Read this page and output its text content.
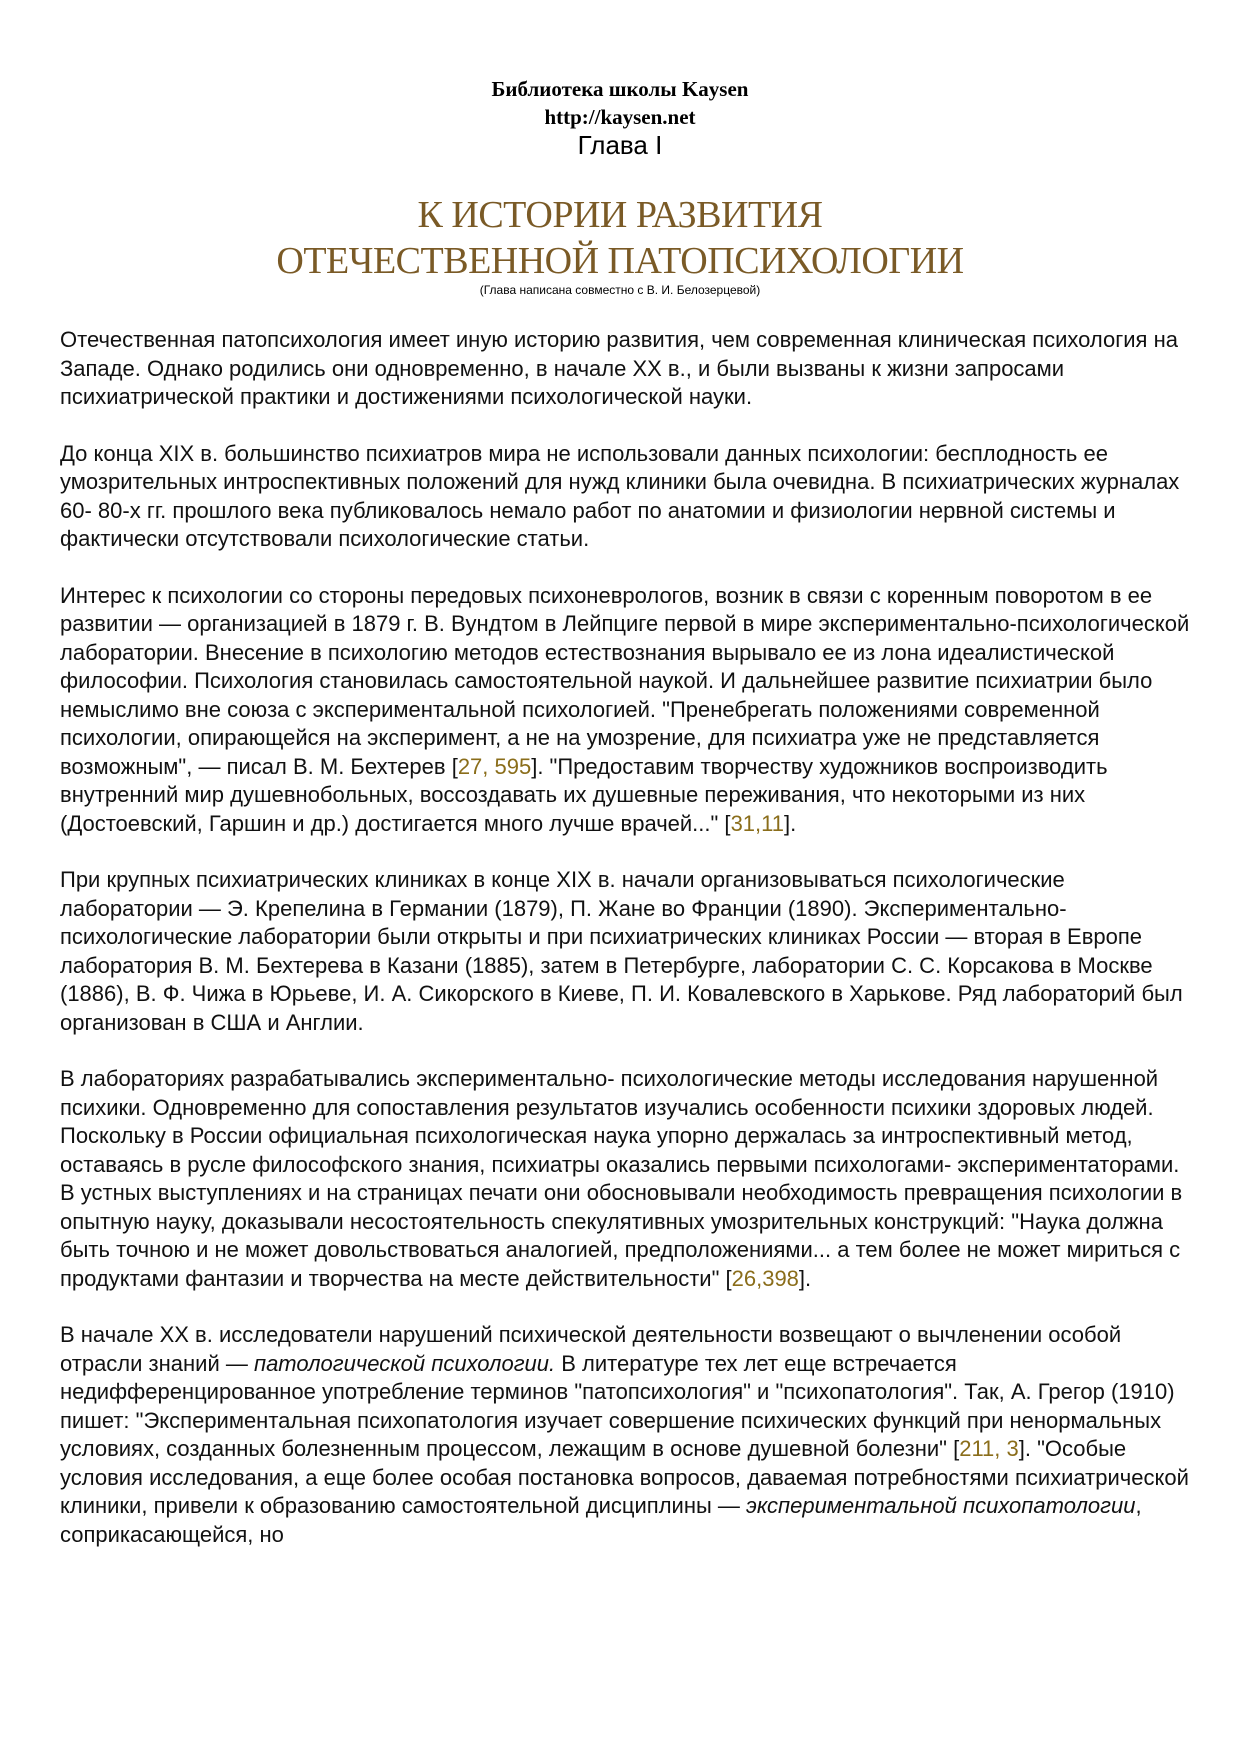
Библиотека школы Kaysen
http://kaysen.net
Глава I
К ИСТОРИИ РАЗВИТИЯ
ОТЕЧЕСТВЕННОЙ ПАТОПСИХОЛОГИИ
(Глава написана совместно с В. И. Белозерцевой)

Отечественная патопсихология имеет иную историю развития, чем современная клиническая психология на Западе. Однако родились они одновременно, в начале XX в., и были вызваны к жизни запросами психиатрической практики и достижениями психологической науки.

До конца XIX в. большинство психиатров мира не использовали данных психологии: бесплодность ее умозрительных интроспективных положений для нужд клиники была очевидна. В психиатрических журналах 60- 80-х гг. прошлого века публиковалось немало работ по анатомии и физиологии нервной системы и фактически отсутствовали психологические статьи.

Интерес к психологии со стороны передовых психоневрологов, возник в связи с коренным поворотом в ее развитии — организацией в 1879 г. В. Вундтом в Лейпциге первой в мире экспериментально-психологической лаборатории. Внесение в психологию методов естествознания вырывало ее из лона идеалистической философии. Психология становилась самостоятельной наукой. И дальнейшее развитие психиатрии было немыслимо вне союза с экспериментальной психологией. "Пренебрегать положениями современной психологии, опирающейся на эксперимент, а не на умозрение, для психиатра уже не представляется возможным", — писал В. М. Бехтерев [27, 595]. "Предоставим творчеству художников воспроизводить внутренний мир душевнобольных, воссоздавать их душевные переживания, что некоторыми из них (Достоевский, Гаршин и др.) достигается много лучше врачей..." [31,11].

При крупных психиатрических клиниках в конце XIX в. начали организовываться психологические лаборатории — Э. Крепелина в Германии (1879), П. Жане во Франции (1890). Экспериментально-психологические лаборатории были открыты и при психиатрических клиниках России — вторая в Европе лаборатория В. М. Бехтерева в Казани (1885), затем в Петербурге, лаборатории С. С. Корсакова в Москве (1886), В. Ф. Чижа в Юрьеве, И. А. Сикорского в Киеве, П. И. Ковалевского в Харькове. Ряд лабораторий был организован в США и Англии.

В лабораториях разрабатывались экспериментально- психологические методы исследования нарушенной психики. Одновременно для сопоставления результатов изучались особенности психики здоровых людей. Поскольку в России официальная психологическая наука упорно держалась за интроспективный метод, оставаясь в русле философского знания, психиатры оказались первыми психологами- экспериментаторами. В устных выступлениях и на страницах печати они обосновывали необходимость превращения психологии в опытную науку, доказывали несостоятельность спекулятивных умозрительных конструкций: "Наука должна быть точною и не может довольствоваться аналогией, предположениями... а тем более не может мириться с продуктами фантазии и творчества на месте действительности" [26,398].

В начале XX в. исследователи нарушений психической деятельности возвещают о вычленении особой отрасли знаний — патологической психологии. В литературе тех лет еще встречается недифференцированное употребление терминов "патопсихология" и "психопатология". Так, А. Грегор (1910) пишет: "Экспериментальная психопатология изучает совершение психических функций при ненормальных условиях, созданных болезненным процессом, лежащим в основе душевной болезни" [211, 3]. "Особые условия исследования, а еще более особая постановка вопросов, даваемая потребностями психиатрической клиники, привели к образованию самостоятельной дисциплины — экспериментальной психопатологии, соприкасающейся, но
